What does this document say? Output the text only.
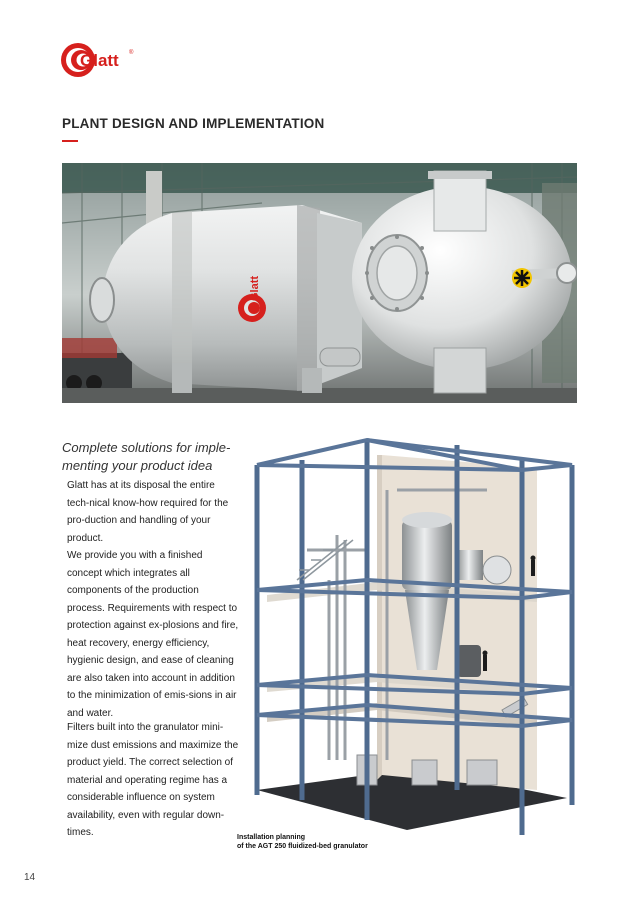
Glatt ®
PLANT DESIGN AND IMPLEMENTATION
Glatt
Complete solutions for imple-menting your product idea
Glatt has at its disposal the entire tech-nical know-how required for the pro-duction and handling of your product.
We provide you with a finished concept which integrates all components of the production process. Requirements with respect to protection against ex-plosions and fire, heat recovery, energy efficiency, hygienic design, and ease of cleaning are also taken into account in addition to the minimization of emis-sions in air and water.
Filters built into the granulator mini-mize dust emissions and maximize the product yield. The correct selection of material and operating regime has a considerable influence on system availability, even with regular down-times.	Installation planning
of the AGT 250 fluidized-bed granulator
14
